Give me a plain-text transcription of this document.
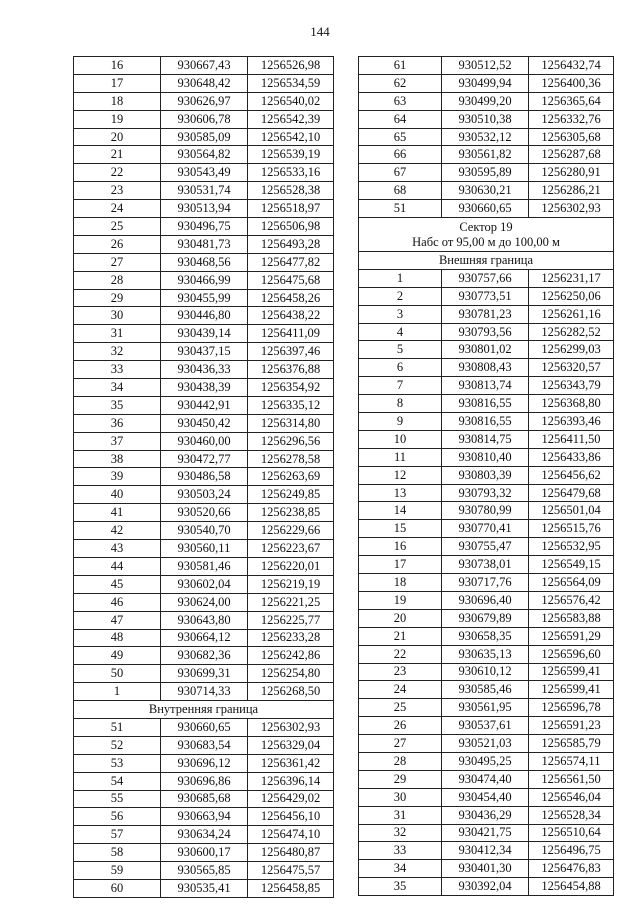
144
16	930667,43	1256526,98
17	930648,42	1256534,59
18	930626,97	1256540,02
19	930606,78	1256542,39
20	930585,09	1256542,10
21	930564,82	1256539,19
22	930543,49	1256533,16
23	930531,74	1256528,38
24	930513,94	1256518,97
25	930496,75	1256506,98
26	930481,73	1256493,28
27	930468,56	1256477,82
28	930466,99	1256475,68
29	930455,99	1256458,26
30	930446,80	1256438,22
31	930439,14	1256411,09
32	930437,15	1256397,46
33	930436,33	1256376,88
34	930438,39	1256354,92
35	930442,91	1256335,12
36	930450,42	1256314,80
37	930460,00	1256296,56
38	930472,77	1256278,58
39	930486,58	1256263,69
40	930503,24	1256249,85
41	930520,66	1256238,85
42	930540,70	1256229,66
43	930560,11	1256223,67
44	930581,46	1256220,01
45	930602,04	1256219,19
46	930624,00	1256221,25
47	930643,80	1256225,77
48	930664,12	1256233,28
49	930682,36	1256242,86
50	930699,31	1256254,80
1	930714,33	1256268,50
Внутренняя граница		
51	930660,65	1256302,93
52	930683,54	1256329,04
53	930696,12	1256361,42
54	930696,86	1256396,14
55	930685,68	1256429,02
56	930663,94	1256456,10
57	930634,24	1256474,10
58	930600,17	1256480,87
59	930565,85	1256475,57
60	930535,41	1256458,85
61	930512,52	1256432,74
62	930499,94	1256400,36
63	930499,20	1256365,64
64	930510,38	1256332,76
65	930532,12	1256305,68
66	930561,82	1256287,68
67	930595,89	1256280,91
68	930630,21	1256286,21
51	930660,65	1256302,93

Сектор 19
Набс от 95,00 м до 100,00 м		

Внешняя граница		
1	930757,66	1256231,17
2	930773,51	1256250,06
3	930781,23	1256261,16
4	930793,56	1256282,52
5	930801,02	1256299,03
6	930808,43	1256320,57
7	930813,74	1256343,79
8	930816,55	1256368,80
9	930816,55	1256393,46
10	930814,75	1256411,50
11	930810,40	1256433,86
12	930803,39	1256456,62
13	930793,32	1256479,68
14	930780,99	1256501,04
15	930770,41	1256515,76
16	930755,47	1256532,95
17	930738,01	1256549,15
18	930717,76	1256564,09
19	930696,40	1256576,42
20	930679,89	1256583,88
21	930658,35	1256591,29
22	930635,13	1256596,60
23	930610,12	1256599,41
24	930585,46	1256599,41
25	930561,95	1256596,78
26	930537,61	1256591,23
27	930521,03	1256585,79
28	930495,25	1256574,11
29	930474,40	1256561,50
30	930454,40	1256546,04
31	930436,29	1256528,34
32	930421,75	1256510,64
33	930412,34	1256496,75
34	930401,30	1256476,83
35	930392,04	1256454,88
